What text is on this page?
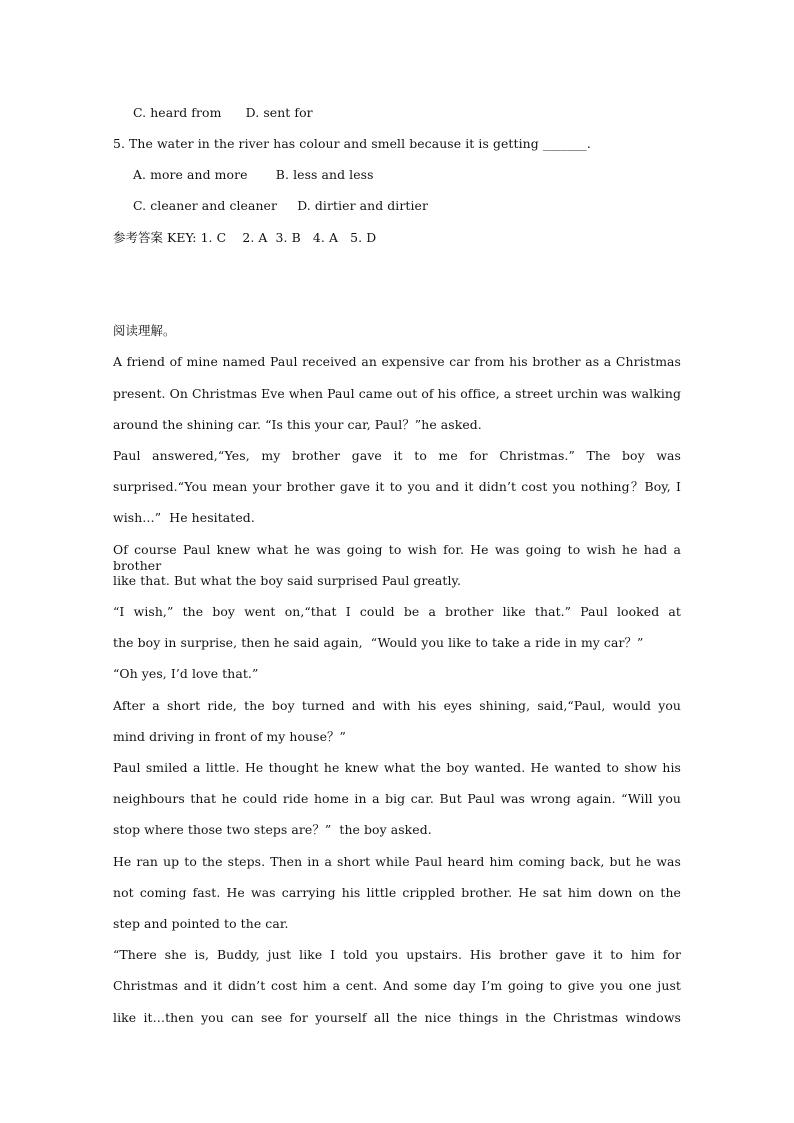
C. heard from      D. sent for
5. The water in the river has colour and smell because it is getting _______.
A. more and more       B. less and less
C. cleaner and cleaner     D. dirtier and dirtier
参考答案 KEY: 1. C    2. A  3. B   4. A   5. D
阅读理解。
A friend of mine named Paul received an expensive car from his brother as a Christmas
present. On Christmas Eve when Paul came out of his office, a street urchin was walking
around the shining car. “Is this your car, Paul？”he asked.
Paul answered,“Yes, my brother gave it to me for Christmas.” The boy was
surprised.“You mean your brother gave it to you and it didn’t cost you nothing？Boy, I
wish…”  He hesitated.
Of course Paul knew what he was going to wish for. He was going to wish he had a brother
like that. But what the boy said surprised Paul greatly.
“I wish,” the boy went on,“that I could be a brother like that.” Paul looked at
the boy in surprise, then he said again,  “Would you like to take a ride in my car？”
“Oh yes, I’d love that.”
After a short ride, the boy turned and with his eyes shining, said,“Paul, would you
mind driving in front of my house？”
Paul smiled a little. He thought he knew what the boy wanted. He wanted to show his
neighbours that he could ride home in a big car. But Paul was wrong again. “Will you
stop where those two steps are？”  the boy asked.
He ran up to the steps. Then in a short while Paul heard him coming back, but he was
not coming fast. He was carrying his little crippled brother. He sat him down on the
step and pointed to the car.
“There she is, Buddy, just like I told you upstairs. His brother gave it to him for
Christmas and it didn’t cost him a cent. And some day I’m going to give you one just
like it…then you can see for yourself all the nice things in the Christmas windows
